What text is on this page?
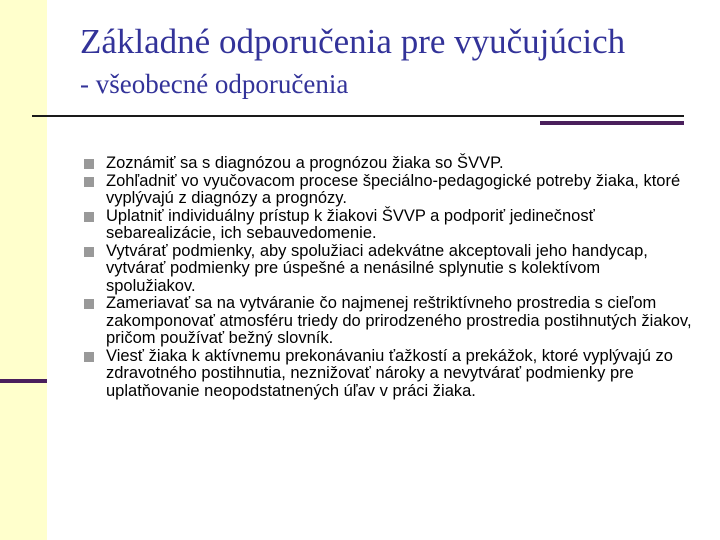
Základné odporučenia pre vyučujúcich
- všeobecné odporučenia
Zoznámiť sa s diagnózou a prognózou žiaka so ŠVVP.
Zohľadniť vo vyučovacom procese špeciálno-pedagogické potreby žiaka, ktoré vyplývajú z diagnózy a prognózy.
Uplatniť individuálny prístup k žiakovi ŠVVP a podporiť jedinečnosť sebarealizácie, ich sebauvedomenie.
Vytvárať podmienky, aby spolužiaci adekvátne akceptovali jeho handycap, vytvárať podmienky pre úspešné a nenásilné splynutie s kolektívom spolužiakov.
Zameriavať sa na vytváranie čo najmenej reštriktívneho prostredia s cieľom zakomponovať atmosféru triedy do prirodzeného prostredia postihnutých žiakov, pričom používať bežný slovník.
Viesť žiaka k aktívnemu prekonávaniu ťažkostí a prekážok, ktoré vyplývajú zo zdravotného postihnutia, neznižovať nároky a nevytvárať podmienky pre uplatňovanie neopodstatnených úľav v práci žiaka.
